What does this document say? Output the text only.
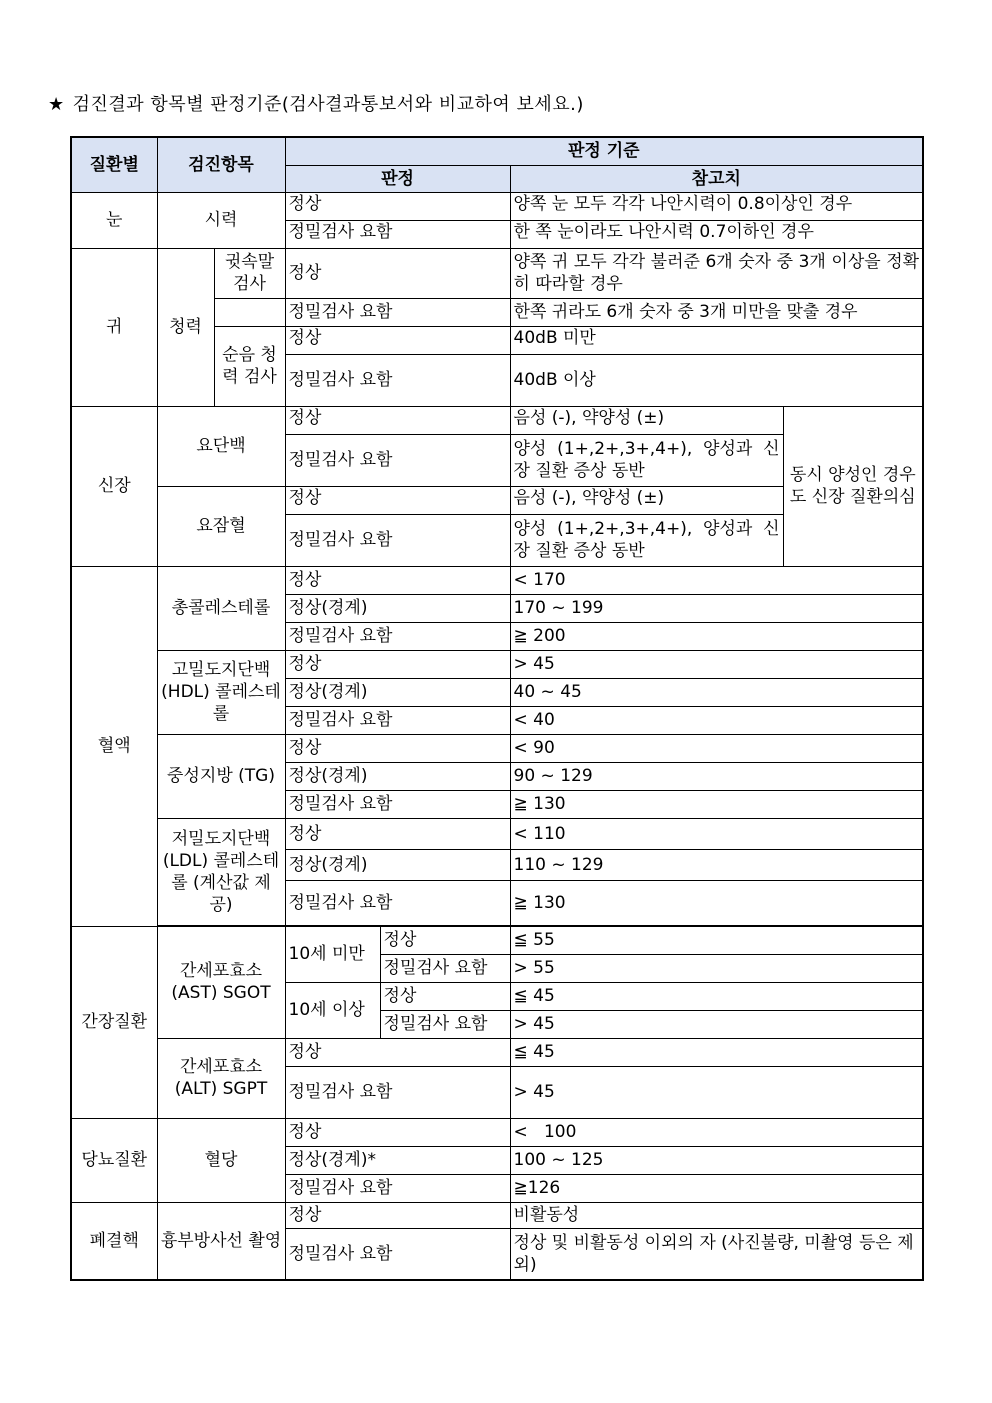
★ 검진결과 항목별 판정기준(검사결과통보서와 비교하여 보세요.)
질환별	검진항목		판정 기준			
			판정		참고치	
눈	시력		정상		양쪽 눈 모두 각각 나안시력이 0.8이상인 경우	
			정밀검사 요함		한 쪽 눈이라도 나안시력 0.7이하인 경우	
귀	청력	귓속말 검사	정상		양쪽 귀 모두 각각 불러준 6개 숫자 중 3개 이상을 정확히 따라할 경우	
			정밀검사 요함		한쪽 귀라도 6개 숫자 중 3개 미만을 맞출 경우	
		순음 청력 검사	정상		40dB 미만	
			정밀검사 요함		40dB 이상	
신장	요단백		정상		음성 (-), 약양성 (±)	동시 양성인 경우도 신장 질환의심
			정밀검사 요함		양성 (1+,2+,3+,4+), 양성과 신장 질환 증상 동반	
	요잠혈		정상		음성 (-), 약양성 (±)	
			정밀검사 요함		양성 (1+,2+,3+,4+), 양성과 신장 질환 증상 동반	
혈액	총콜레스테롤		정상		< 170	
			정상(경계)		170 ~ 199	
			정밀검사 요함		≧ 200	
	고밀도지단백 (HDL) 콜레스테롤		정상		> 45	
			정상(경계)		40 ~ 45	
			정밀검사 요함		< 40	
	중성지방 (TG)		정상		< 90	
			정상(경계)		90 ~ 129	
			정밀검사 요함		≧ 130	
	저밀도지단백 (LDL) 콜레스테롤 (계산값 제공)		정상		< 110	
			정상(경계)		110 ~ 129	
			정밀검사 요함		≧ 130	

간장질환	간세포효소 (AST) SGOT		10세 미만	정상	≦ 55	
				정밀검사 요함	> 55	
			10세 이상	정상	≦ 45	
				정밀검사 요함	> 45	
	간세포효소 (ALT) SGPT		정상		≦ 45	
			정밀검사 요함		> 45	
당뇨질환	혈당		정상		<   100	
			정상(경계)*		100 ~ 125	
			정밀검사 요함		≧126	
폐결핵	흉부방사선 촬영		정상		비활동성	
			정밀검사 요함		정상 및 비활동성 이외의 자 (사진불량, 미촬영 등은 제외)	
